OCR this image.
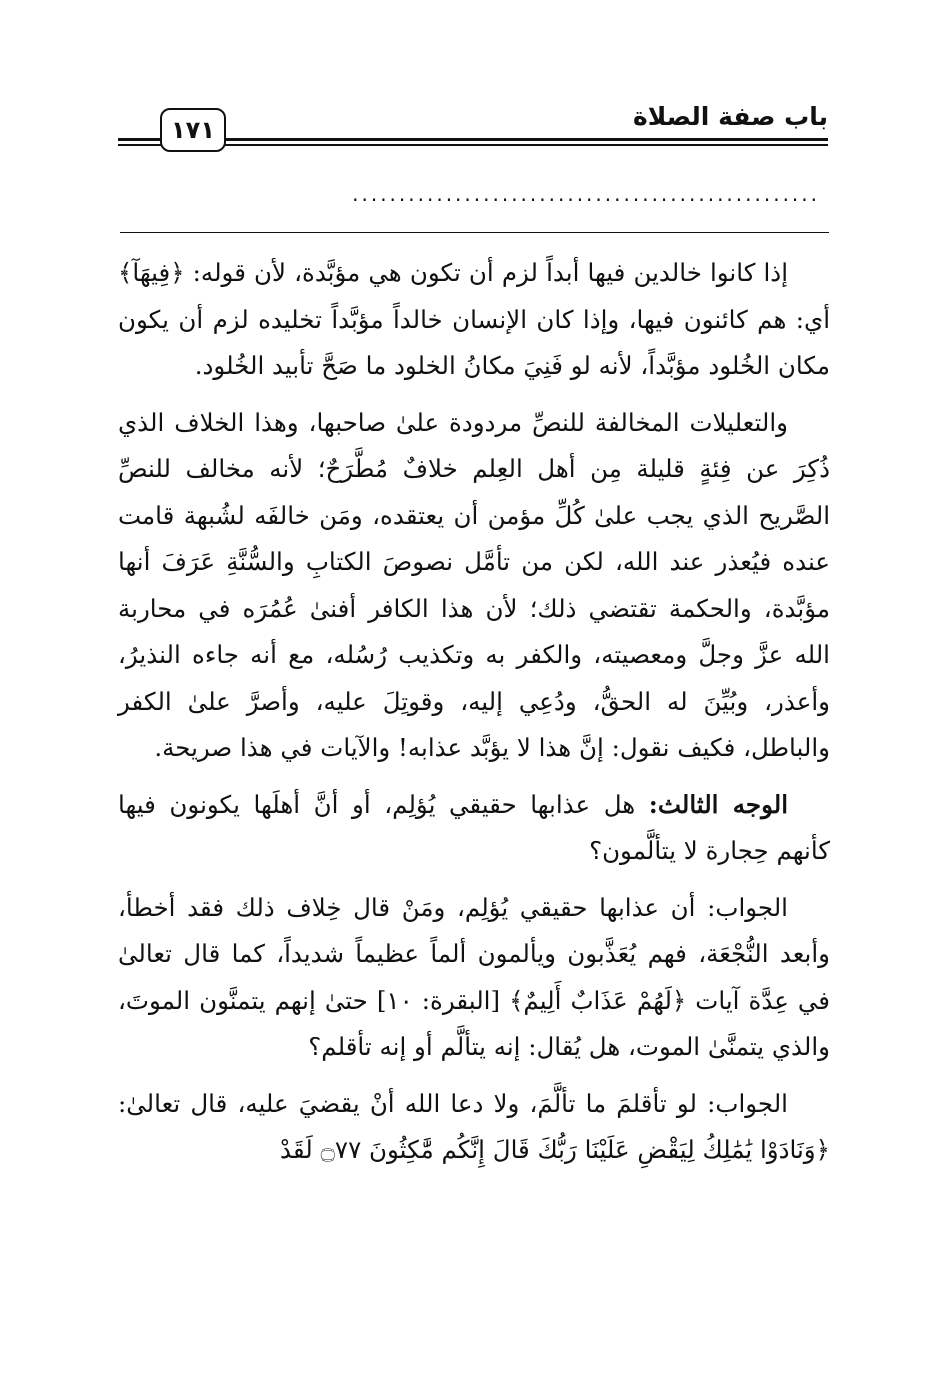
باب صفة الصلاة
١٧١
..................................................

إذا كانوا خالدين فيها أبداً لزم أن تكون هي مؤبَّدة، لأن قوله: ﴿فِيهَآ﴾ أي: هم كائنون فيها، وإذا كان الإنسان خالداً مؤبَّداً تخليده لزم أن يكون مكان الخُلود مؤبَّداً، لأنه لو فَنِيَ مكانُ الخلود ما صَحَّ تأبيد الخُلود.

والتعليلات المخالفة للنصِّ مردودة علىٰ صاحبها، وهذا الخلاف الذي ذُكِرَ عن فِئةٍ قليلة مِن أهل العِلم خلافٌ مُطَّرَحٌ؛ لأنه مخالف للنصِّ الصَّريح الذي يجب علىٰ كُلِّ مؤمن أن يعتقده، ومَن خالفَه لشُبهة قامت عنده فيُعذر عند الله، لكن من تأمَّل نصوصَ الكتابِ والسُّنَّةِ عَرَفَ أنها مؤبَّدة، والحكمة تقتضي ذلك؛ لأن هذا الكافر أفنىٰ عُمُرَه في محاربة الله عزَّ وجلَّ ومعصيته، والكفر به وتكذيب رُسُله، مع أنه جاءه النذيرُ، وأعذر، وبُيِّنَ له الحقُّ، ودُعِي إليه، وقوتِلَ عليه، وأصرَّ علىٰ الكفر والباطل، فكيف نقول: إنَّ هذا لا يؤبَّد عذابه! والآيات في هذا صريحة.

الوجه الثالث: هل عذابها حقيقي يُؤلِم، أو أنَّ أهلَها يكونون فيها كأنهم حِجارة لا يتألَّمون؟

الجواب: أن عذابها حقيقي يُؤلِم، ومَنْ قال خِلاف ذلك فقد أخطأ، وأبعد النُّجْعَة، فهم يُعَذَّبون ويألمون ألماً عظيماً شديداً، كما قال تعالىٰ في عِدَّة آيات ﴿لَهُمْ عَذَابٌ أَلِيمٌ﴾ [البقرة: ١٠] حتىٰ إنهم يتمنَّون الموتَ، والذي يتمنَّىٰ الموت، هل يُقال: إنه يتألَّم أو إنه تأقلم؟

الجواب: لو تأقلمَ ما تألَّمَ، ولا دعا الله أنْ يقضيَ عليه، قال تعالىٰ: ﴿وَنَادَوْا يَٰمَٰلِكُ لِيَقْضِ عَلَيْنَا رَبُّكَ قَالَ إِنَّكُم مَّٰكِثُونَ ۝٧٧ لَقَدْ
